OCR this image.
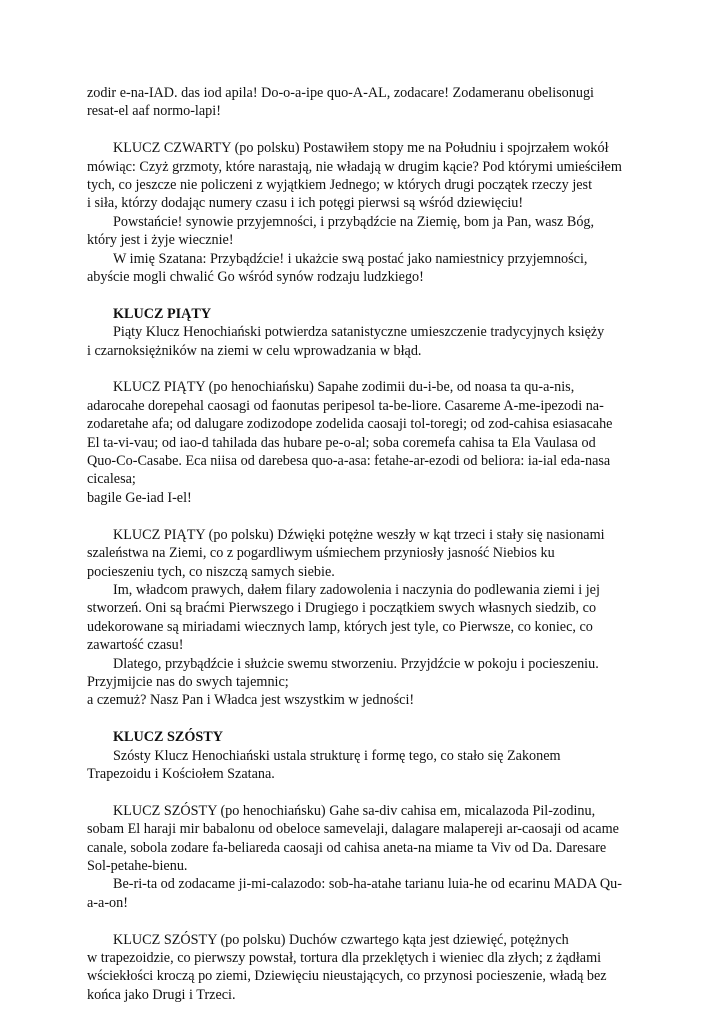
zodir e-na-IAD. das iod apila! Do-o-a-ipe quo-A-AL, zodacare! Zodameranu obelisonugi
resat-el aaf normo-lapi!
KLUCZ CZWARTY (po polsku) Postawiłem stopy me na Południu i spojrzałem wokół
mówiąc: Czyż grzmoty, które narastają, nie władają w drugim kącie? Pod którymi umieściłem
tych, co jeszcze nie policzeni z wyjątkiem Jednego; w których drugi początek rzeczy jest
i siła, którzy dodając numery czasu i ich potęgi pierwsi są wśród dziewięciu!
Powstańcie! synowie przyjemności, i przybądźcie na Ziemię, bom ja Pan, wasz Bóg,
który jest i żyje wiecznie!
W imię Szatana: Przybądźcie! i ukażcie swą postać jako namiestnicy przyjemności,
abyście mogli chwalić Go wśród synów rodzaju ludzkiego!
KLUCZ PIĄTY
Piąty Klucz Henochiański potwierdza satanistyczne umieszczenie tradycyjnych księży
i czarnoksiężników na ziemi w celu wprowadzania w błąd.
KLUCZ PIĄTY (po henochiańsku) Sapahe zodimii du-i-be, od noasa ta qu-a-nis,
adarocahe dorepehal caosagi od faonutas peripesol ta-be-liore. Casareme A-me-ipezodi na-
zodaretahe afa; od dalugare zodizodope zodelida caosaji tol-toregi; od zod-cahisa esiasacahe
El ta-vi-vau; od iao-d tahilada das hubare pe-o-al; soba coremefa cahisa ta Ela Vaulasa od
Quo-Co-Casabe. Eca niisa od darebesa quo-a-asa: fetahe-ar-ezodi od beliora: ia-ial eda-nasa
cicalesa;
bagile Ge-iad I-el!
KLUCZ PIĄTY (po polsku) Dźwięki potężne weszły w kąt trzeci i stały się nasionami
szaleństwa na Ziemi, co z pogardliwym uśmiechem przyniosły jasność Niebios ku
pocieszeniu tych, co niszczą samych siebie.
Im, władcom prawych, dałem filary zadowolenia i naczynia do podlewania ziemi i jej
stworzeń. Oni są braćmi Pierwszego i Drugiego i początkiem swych własnych siedzib, co
udekorowane są miriadami wiecznych lamp, których jest tyle, co Pierwsze, co koniec, co
zawartość czasu!
Dlatego, przybądźcie i służcie swemu stworzeniu. Przyjdźcie w pokoju i pocieszeniu.
Przyjmijcie nas do swych tajemnic;
a czemuż? Nasz Pan i Władca jest wszystkim w jedności!
KLUCZ SZÓSTY
Szósty Klucz Henochiański ustala strukturę i formę tego, co stało się Zakonem
Trapezoidu i Kościołem Szatana.
KLUCZ SZÓSTY (po henochiańsku) Gahe sa-div cahisa em, micalazoda Pil-zodinu,
sobam El haraji mir babalonu od obeloce samevelaji, dalagare malapereji ar-caosaji od acame
canale, sobola zodare fa-beliareda caosaji od cahisa aneta-na miame ta Viv od Da. Daresare
Sol-petahe-bienu.
Be-ri-ta od zodacame ji-mi-calazodo: sob-ha-atahe tarianu luia-he od ecarinu MADA Qu-
a-a-on!
KLUCZ SZÓSTY (po polsku) Duchów czwartego kąta jest dziewięć, potężnych
w trapezoidzie, co pierwszy powstał, tortura dla przeklętych i wieniec dla złych; z żądłami
wściekłości kroczą po ziemi, Dziewięciu nieustających, co przynosi pocieszenie, władą bez
końca jako Drugi i Trzeci.
